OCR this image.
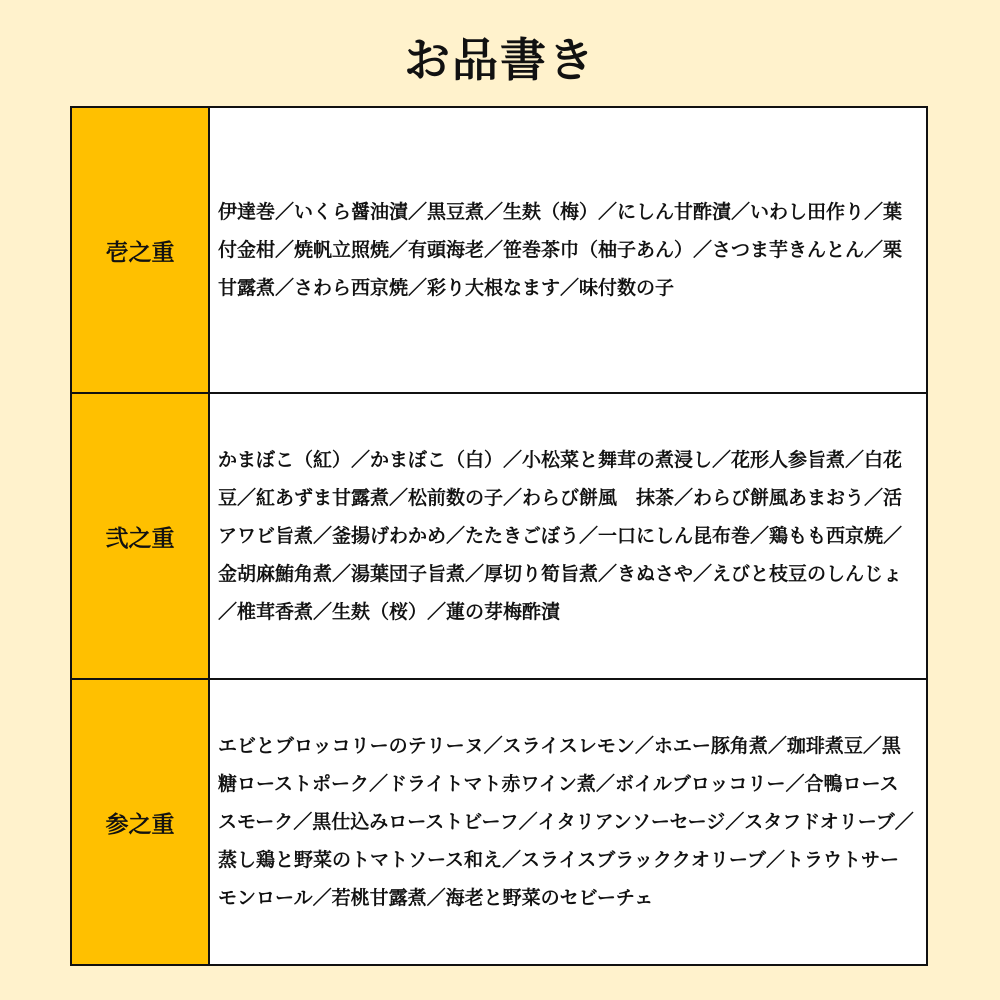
お品書き
壱之重	伊達巻／いくら醤油漬／黒豆煮／生麸（梅）／にしん甘酢漬／いわし田作り／葉付金柑／焼帆立照焼／有頭海老／笹巻茶巾（柚子あん）／さつま芋きんとん／栗甘露煮／さわら西京焼／彩り大根なます／味付数の子
弐之重	かまぼこ（紅）／かまぼこ（白）／小松菜と舞茸の煮浸し／花形人参旨煮／白花豆／紅あずま甘露煮／松前数の子／わらび餅風　抹茶／わらび餅風あまおう／活アワビ旨煮／釜揚げわかめ／たたきごぼう／一口にしん昆布巻／鶏もも西京焼／金胡麻鮪角煮／湯葉団子旨煮／厚切り筍旨煮／きぬさや／えびと枝豆のしんじょ／椎茸香煮／生麸（桜）／蓮の芽梅酢漬
参之重	エビとブロッコリーのテリーヌ／スライスレモン／ホエー豚角煮／珈琲煮豆／黒糖ローストポーク／ドライトマト赤ワイン煮／ボイルブロッコリー／合鴨ローススモーク／黒仕込みローストビーフ／イタリアンソーセージ／スタフドオリーブ／蒸し鶏と野菜のトマトソース和え／スライスブラッククオリーブ／トラウトサーモンロール／若桃甘露煮／海老と野菜のセビーチェ
